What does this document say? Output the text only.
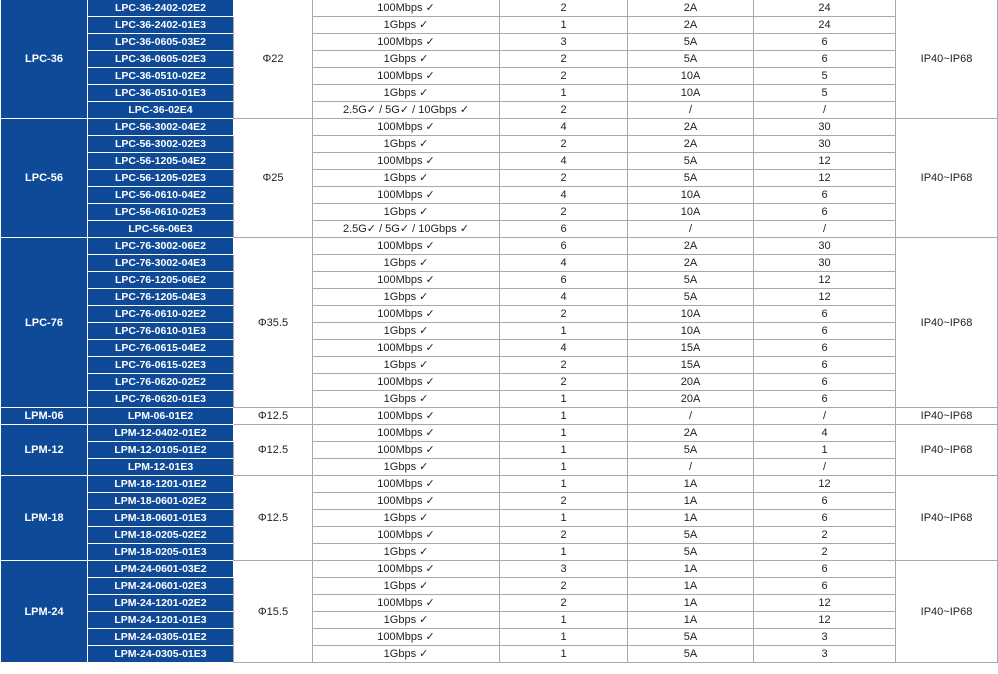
LPC-36	LPC-36-2402-02E2	Φ22	100Mbps ✓	2	2A	24	IP40~IP68
	LPC-36-2402-01E3		1Gbps ✓	1	2A	24	
	LPC-36-0605-03E2		100Mbps ✓	3	5A	6	
	LPC-36-0605-02E3		1Gbps ✓	2	5A	6	
	LPC-36-0510-02E2		100Mbps ✓	2	10A	5	
	LPC-36-0510-01E3		1Gbps ✓	1	10A	5	
	LPC-36-02E4		2.5G✓ / 5G✓ / 10Gbps ✓	2	/	/	
LPC-56	LPC-56-3002-04E2	Φ25	100Mbps ✓	4	2A	30	IP40~IP68
	LPC-56-3002-02E3		1Gbps ✓	2	2A	30	
	LPC-56-1205-04E2		100Mbps ✓	4	5A	12	
	LPC-56-1205-02E3		1Gbps ✓	2	5A	12	
	LPC-56-0610-04E2		100Mbps ✓	4	10A	6	
	LPC-56-0610-02E3		1Gbps ✓	2	10A	6	
	LPC-56-06E3		2.5G✓ / 5G✓ / 10Gbps ✓	6	/	/	
LPC-76	LPC-76-3002-06E2	Φ35.5	100Mbps ✓	6	2A	30	IP40~IP68
	LPC-76-3002-04E3		1Gbps ✓	4	2A	30	
	LPC-76-1205-06E2		100Mbps ✓	6	5A	12	
	LPC-76-1205-04E3		1Gbps ✓	4	5A	12	
	LPC-76-0610-02E2		100Mbps ✓	2	10A	6	
	LPC-76-0610-01E3		1Gbps ✓	1	10A	6	
	LPC-76-0615-04E2		100Mbps ✓	4	15A	6	
	LPC-76-0615-02E3		1Gbps ✓	2	15A	6	
	LPC-76-0620-02E2		100Mbps ✓	2	20A	6	
	LPC-76-0620-01E3		1Gbps ✓	1	20A	6	
LPM-06	LPM-06-01E2	Φ12.5	100Mbps ✓	1	/	/	IP40~IP68
LPM-12	LPM-12-0402-01E2	Φ12.5	100Mbps ✓	1	2A	4	IP40~IP68
	LPM-12-0105-01E2		100Mbps ✓	1	5A	1	
	LPM-12-01E3		1Gbps ✓	1	/	/	
LPM-18	LPM-18-1201-01E2	Φ12.5	100Mbps ✓	1	1A	12	IP40~IP68
	LPM-18-0601-02E2		100Mbps ✓	2	1A	6	
	LPM-18-0601-01E3		1Gbps ✓	1	1A	6	
	LPM-18-0205-02E2		100Mbps ✓	2	5A	2	
	LPM-18-0205-01E3		1Gbps ✓	1	5A	2	
LPM-24	LPM-24-0601-03E2	Φ15.5	100Mbps ✓	3	1A	6	IP40~IP68
	LPM-24-0601-02E3		1Gbps ✓	2	1A	6	
	LPM-24-1201-02E2		100Mbps ✓	2	1A	12	
	LPM-24-1201-01E3		1Gbps ✓	1	1A	12	
	LPM-24-0305-01E2		100Mbps ✓	1	5A	3	
	LPM-24-0305-01E3		1Gbps ✓	1	5A	3	
